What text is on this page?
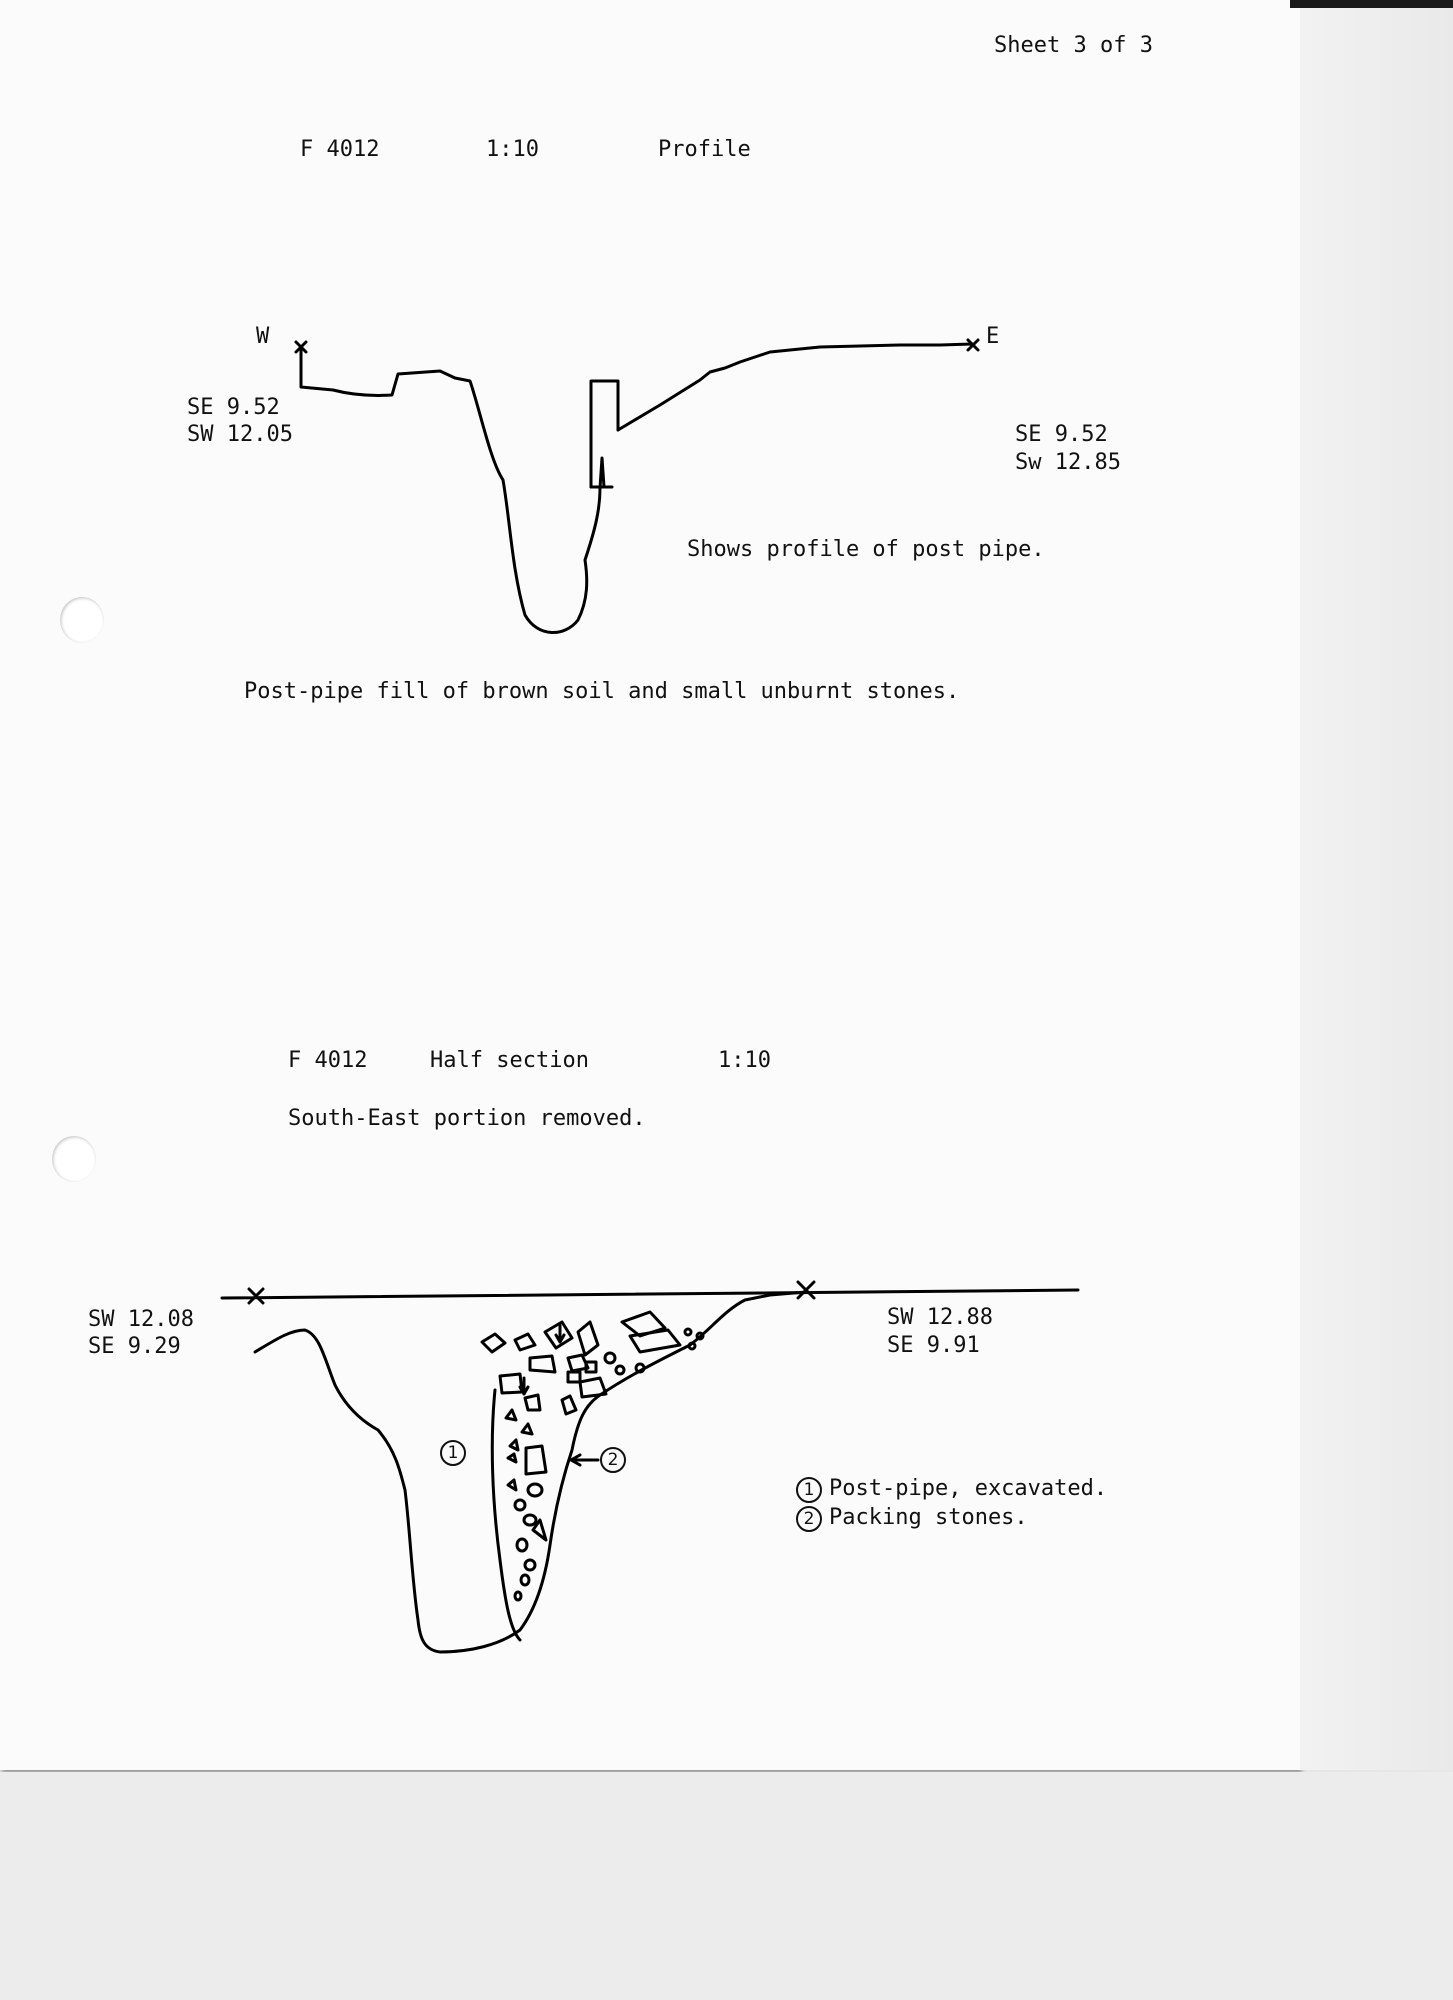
Sheet 3 of 3
F 4012	1:10	Profile
W	E
SE 9.52
SW 12.05	SE 9.52
Sw 12.85
Shows profile of post pipe.
Post-pipe fill of brown soil and small unburnt stones.
F 4012	Half section	1:10
South-East portion removed.
SW 12.08
SE 9.29
SW 12.88
SE 9.91
1	2
1 Post-pipe, excavated.
2 Packing stones.
